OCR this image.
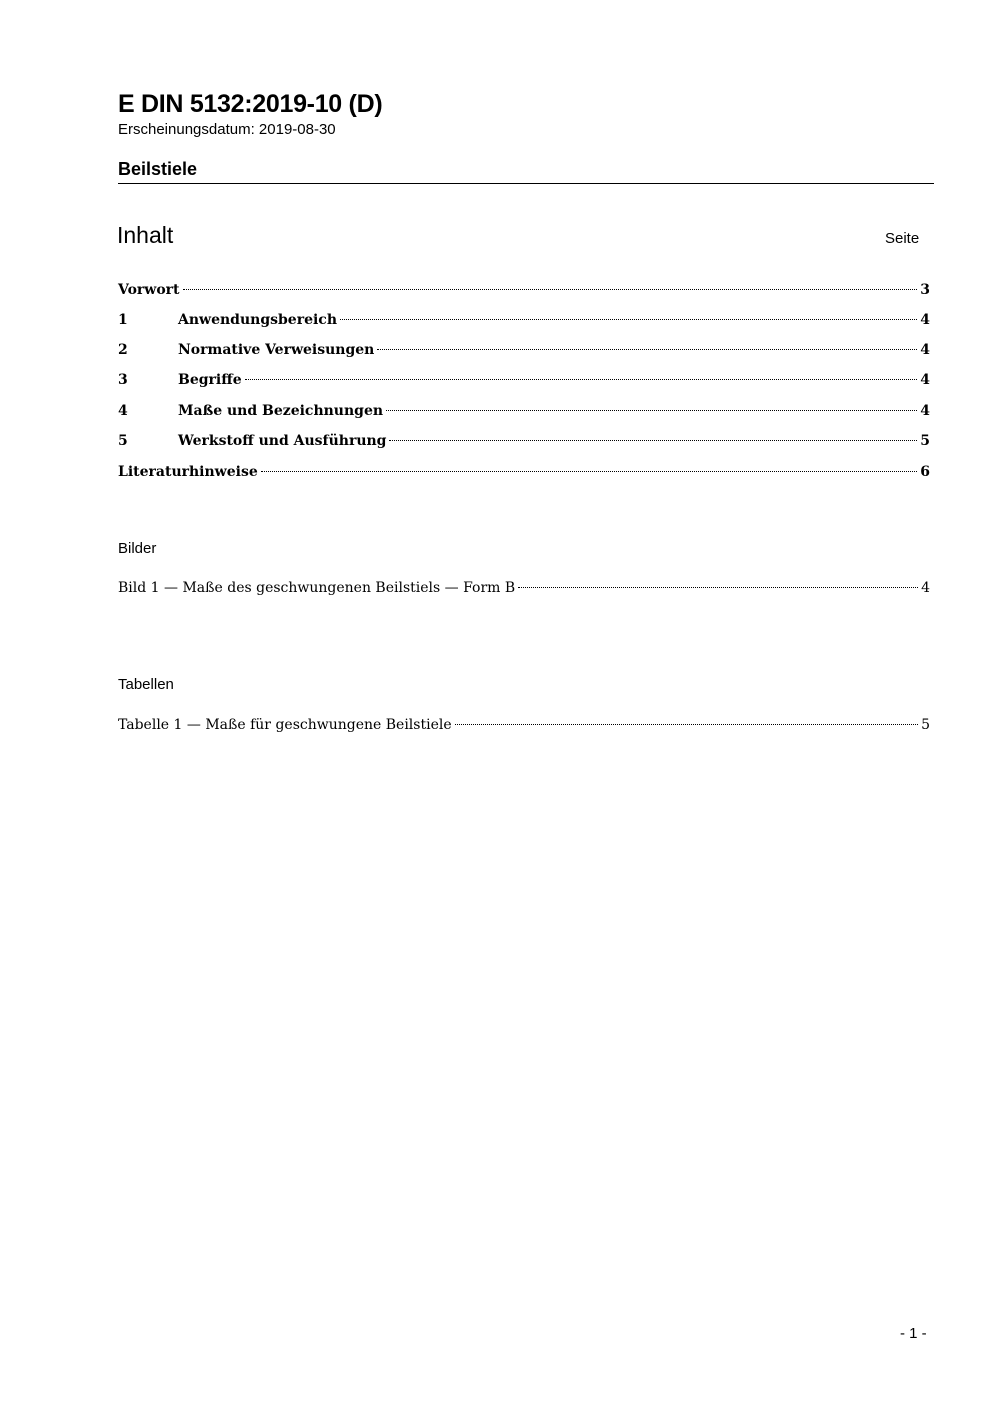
E DIN 5132:2019-10 (D)
Erscheinungsdatum: 2019-08-30
Beilstiele
Inhalt	Seite
Vorwort	3
1	Anwendungsbereich	4
2	Normative Verweisungen	4
3	Begriffe	4
4	Maße und Bezeichnungen	4
5	Werkstoff und Ausführung	5
Literaturhinweise	6
Bilder
Bild 1 — Maße des geschwungenen Beilstiels — Form B	4
Tabellen
Tabelle 1 — Maße für geschwungene Beilstiele	5
- 1 -
